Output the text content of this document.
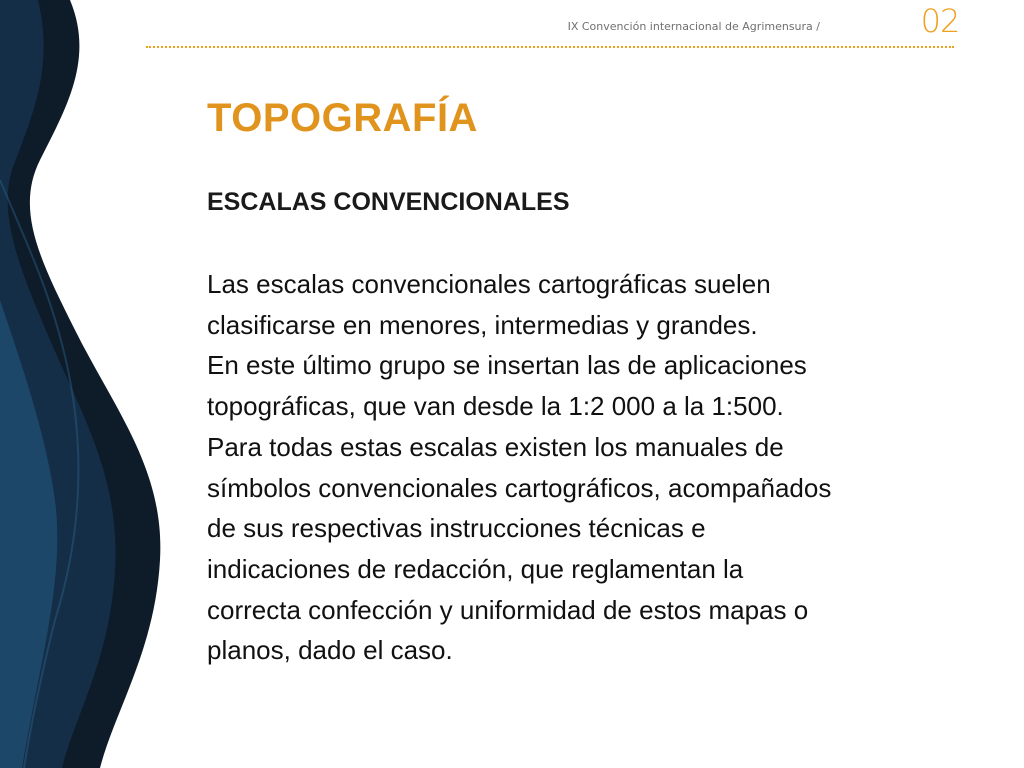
IX Convención internacional de Agrimensura /	02
TOPOGRAFÍA
ESCALAS CONVENCIONALES

Las escalas convencionales cartográficas suelen
clasificarse en menores, intermedias y grandes.
En este último grupo se insertan las de aplicaciones
topográficas, que van desde la 1:2 000 a la 1:500.
Para todas estas escalas existen los manuales de
símbolos convencionales cartográficos, acompañados
de sus respectivas instrucciones técnicas e
indicaciones de redacción, que reglamentan la
correcta confección y uniformidad de estos mapas o
planos, dado el caso.
